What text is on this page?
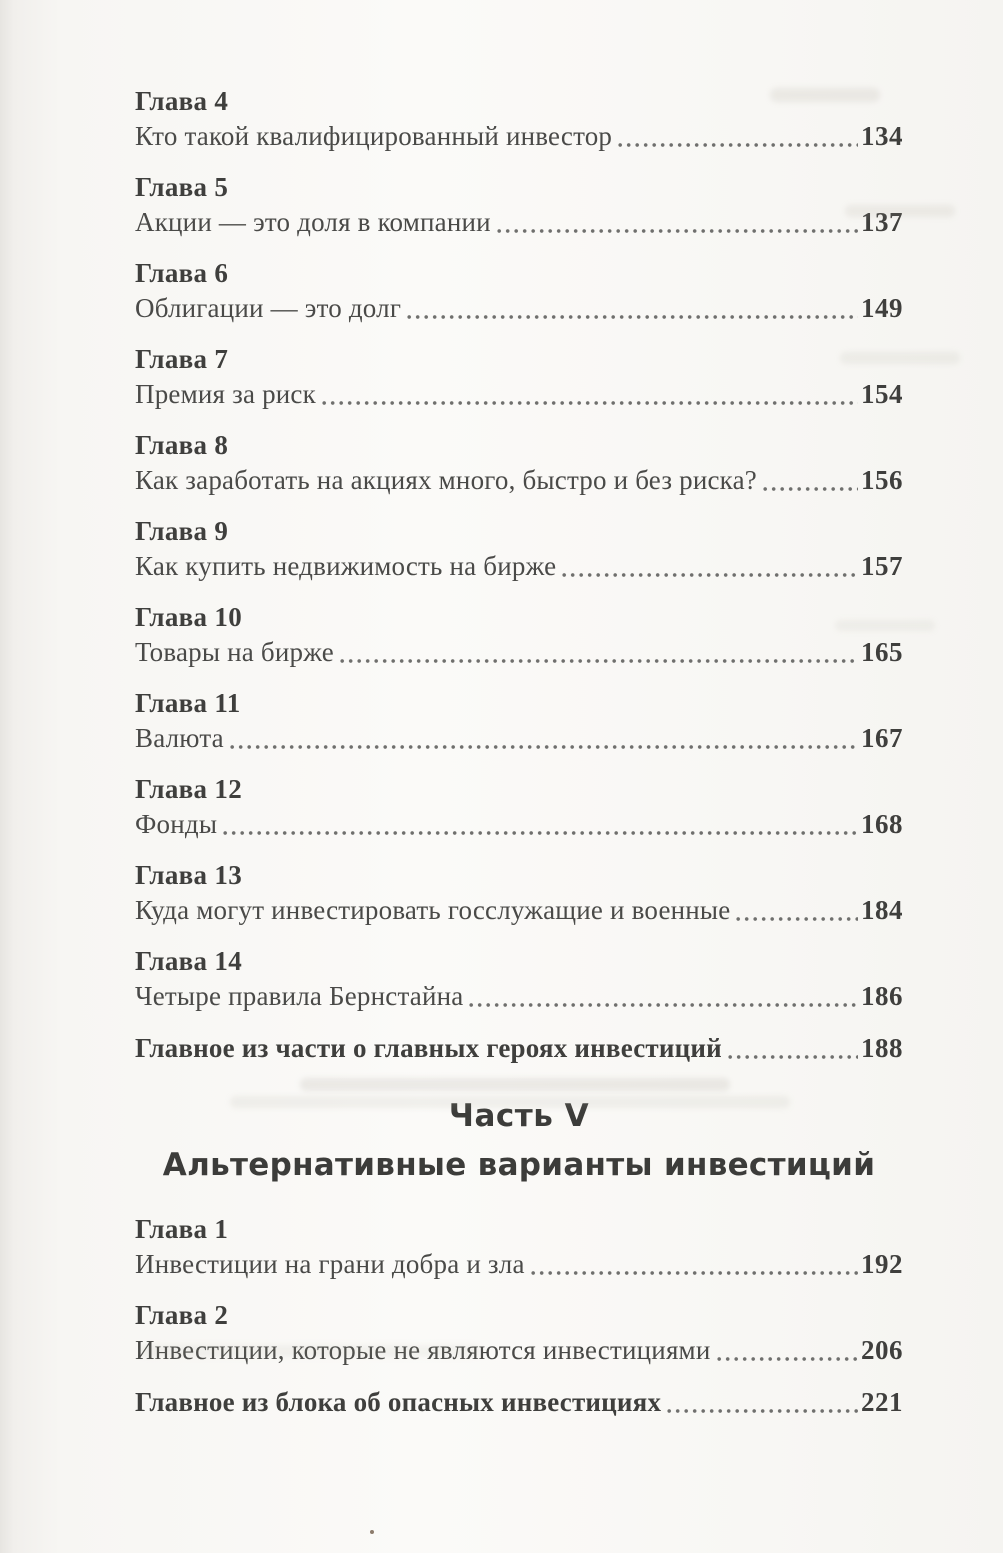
Глава 4
Кто такой квалифицированный инвестор	134
Глава 5
Акции — это доля в компании	137
Глава 6
Облигации — это долг	149
Глава 7
Премия за риск	154
Глава 8
Как заработать на акциях много, быстро и без риска?	156
Глава 9
Как купить недвижимость на бирже	157
Глава 10
Товары на бирже	165
Глава 11
Валюта	167
Глава 12
Фонды	168
Глава 13
Куда могут инвестировать госслужащие и военные	184
Глава 14
Четыре правила Бернстайна	186
Главное из части о главных героях инвестиций	188
Часть V
Альтернативные варианты инвестиций
Глава 1
Инвестиции на грани добра и зла	192
Глава 2
Инвестиции, которые не являются инвестициями	206
Главное из блока об опасных инвестициях	221
